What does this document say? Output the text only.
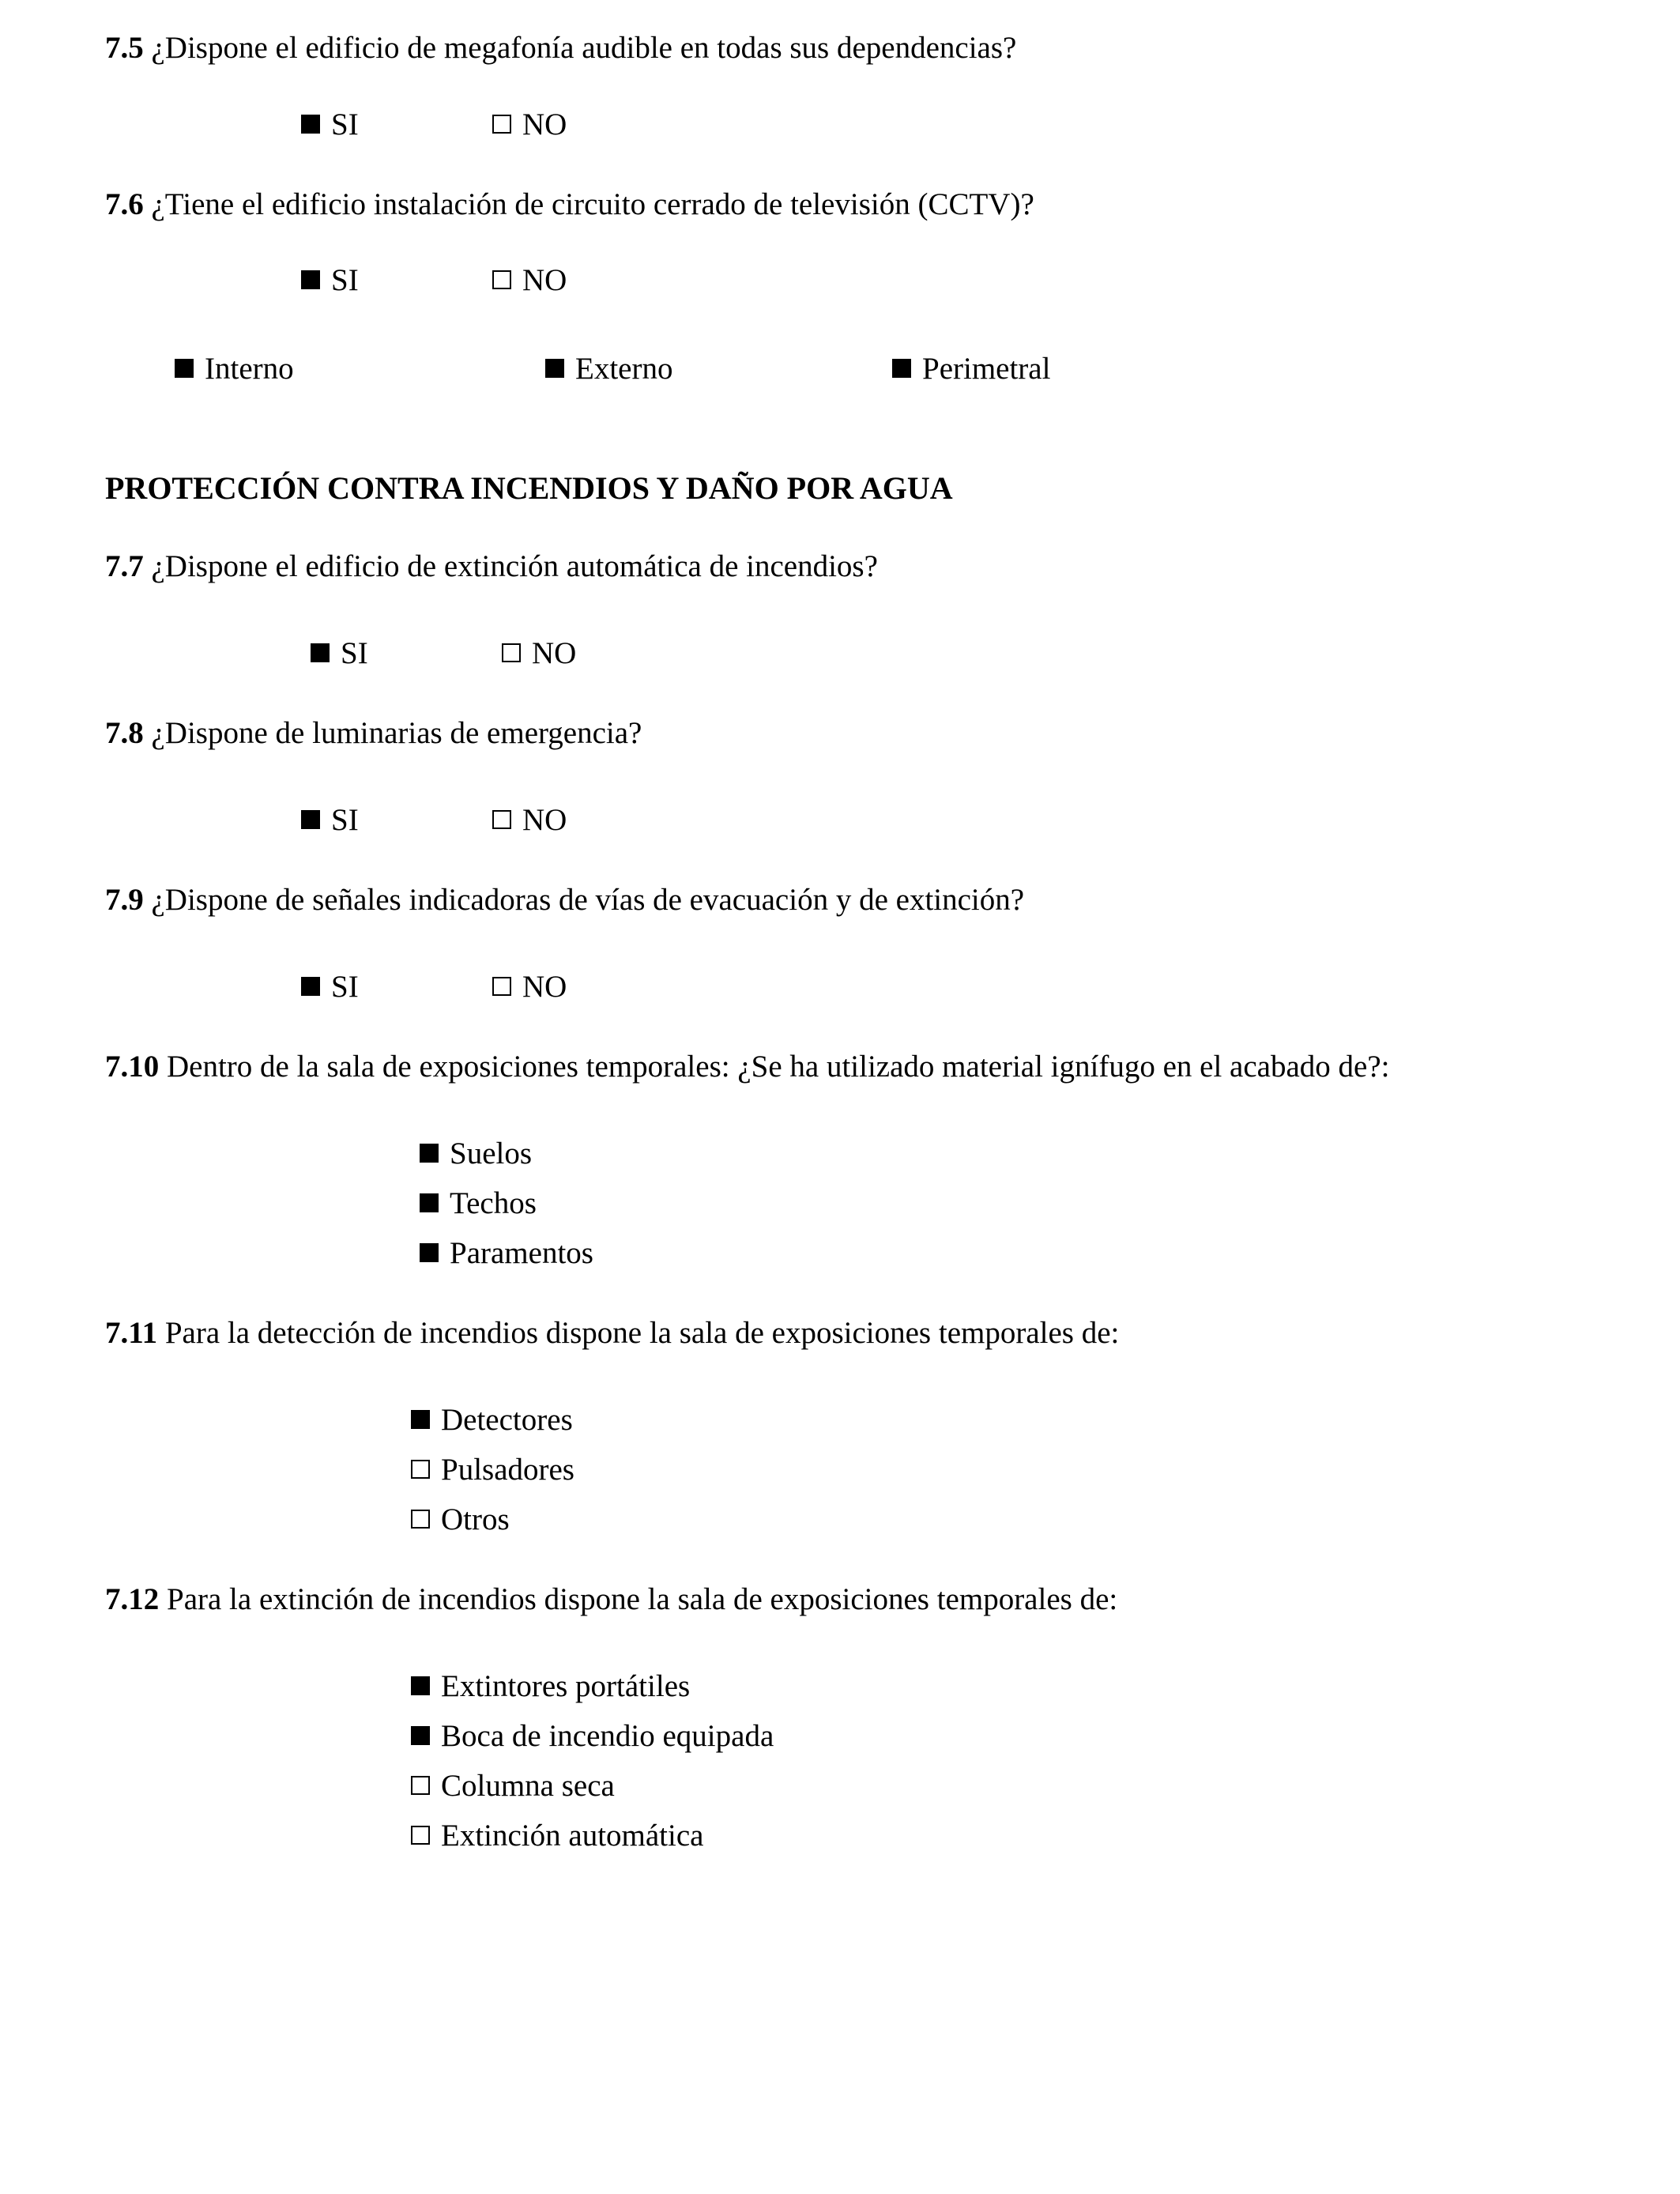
7.5 ¿Dispone el edificio de megafonía audible en todas sus dependencias?
SI	NO
7.6 ¿Tiene el edificio instalación de circuito cerrado de televisión (CCTV)?
SI	NO
Interno	Externo	Perimetral
PROTECCIÓN CONTRA INCENDIOS Y DAÑO POR AGUA
7.7 ¿Dispone el edificio de extinción automática de incendios?
SI	NO
7.8 ¿Dispone de luminarias de emergencia?
SI	NO
7.9 ¿Dispone de señales indicadoras de vías de evacuación y de extinción?
SI	NO
7.10 Dentro de la sala de exposiciones temporales: ¿Se ha utilizado material ignífugo en el acabado de?:
Suelos
Techos
Paramentos
7.11 Para la detección de incendios dispone la sala de exposiciones temporales de:
Detectores
Pulsadores
Otros
7.12 Para la extinción de incendios dispone la sala de exposiciones temporales de:
Extintores portátiles
Boca de incendio equipada
Columna seca
Extinción automática
